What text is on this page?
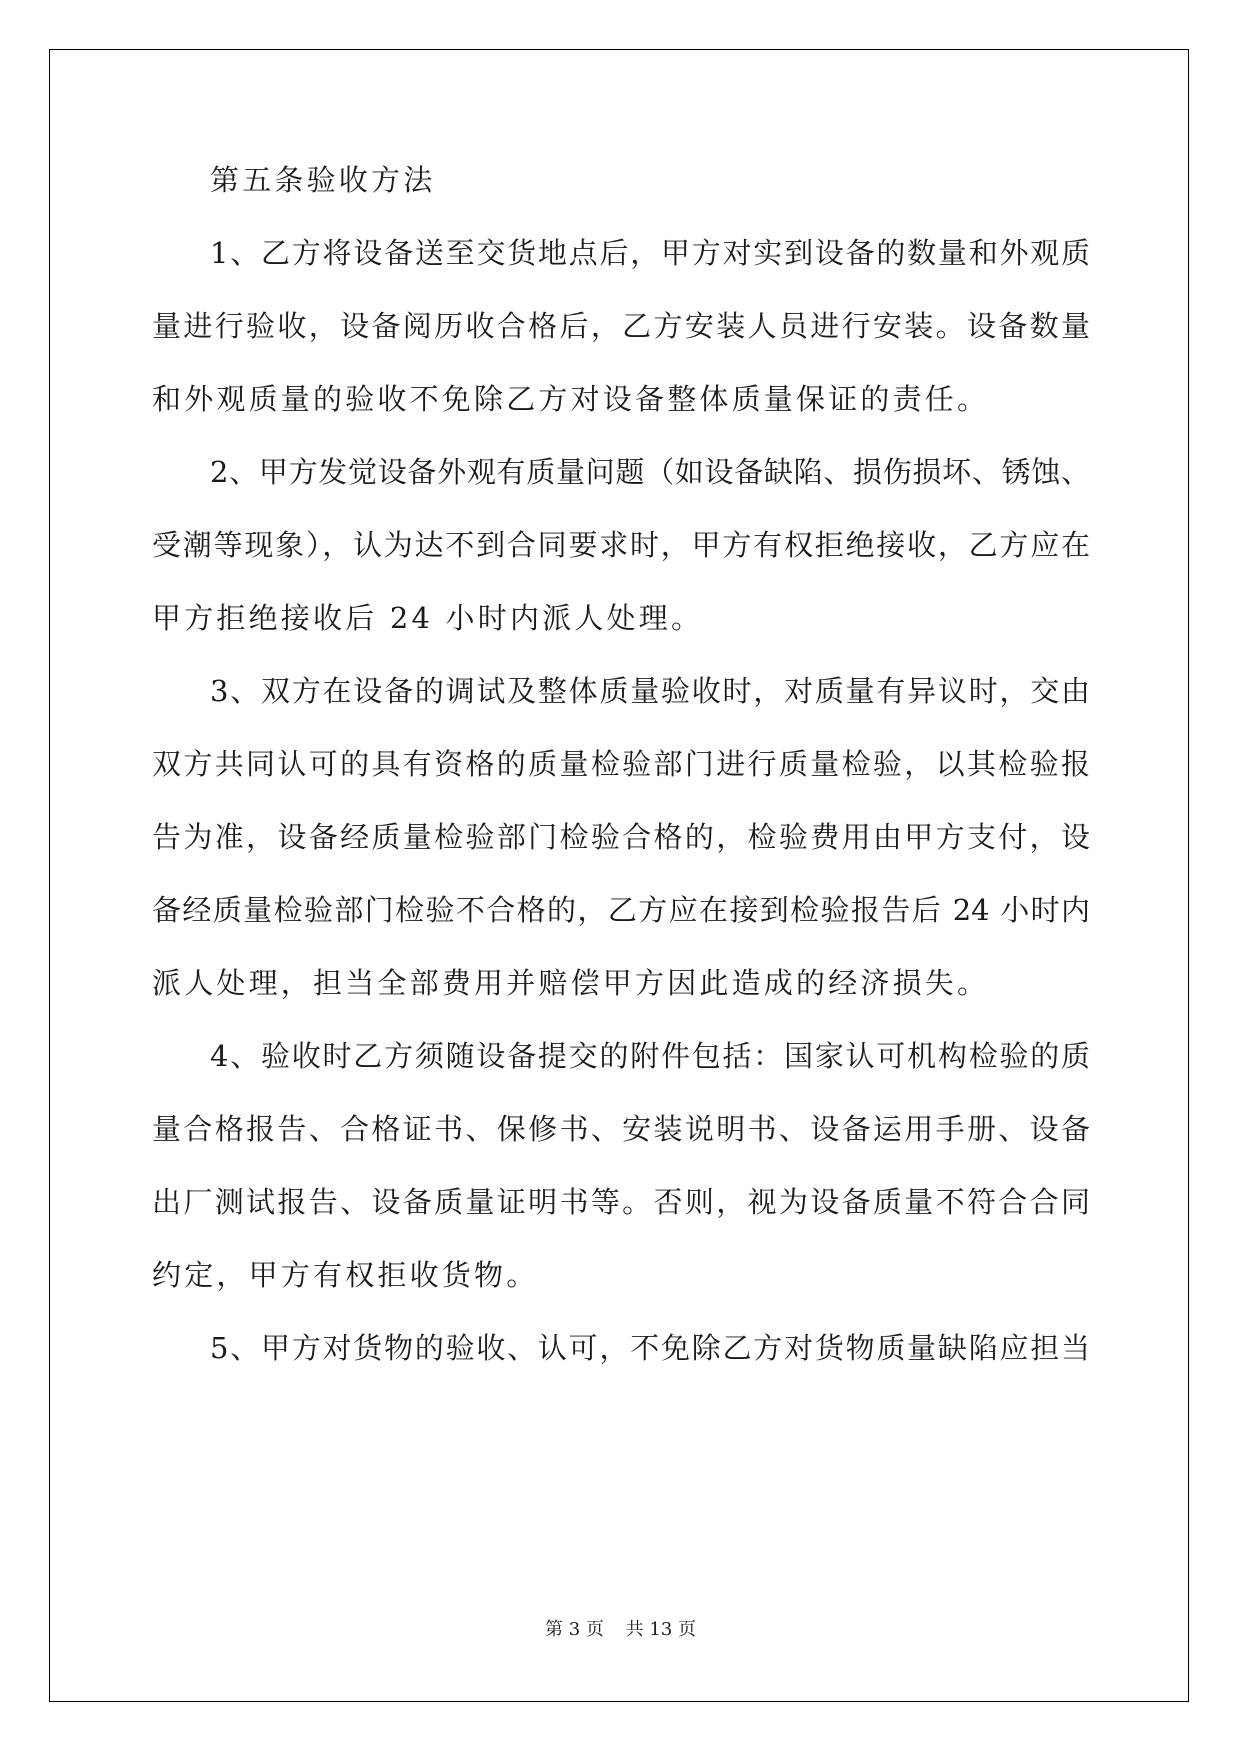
第五条验收方法
1、乙方将设备送至交货地点后，甲方对实到设备的数量和外观质
量进行验收，设备阅历收合格后，乙方安装人员进行安装。设备数量
和外观质量的验收不免除乙方对设备整体质量保证的责任。
2、甲方发觉设备外观有质量问题（如设备缺陷、损伤损坏、锈蚀、
受潮等现象），认为达不到合同要求时，甲方有权拒绝接收，乙方应在
甲方拒绝接收后 24 小时内派人处理。
3、双方在设备的调试及整体质量验收时，对质量有异议时，交由
双方共同认可的具有资格的质量检验部门进行质量检验，以其检验报
告为准，设备经质量检验部门检验合格的，检验费用由甲方支付，设
备经质量检验部门检验不合格的，乙方应在接到检验报告后 24 小时内
派人处理，担当全部费用并赔偿甲方因此造成的经济损失。
4、验收时乙方须随设备提交的附件包括：国家认可机构检验的质
量合格报告、合格证书、保修书、安装说明书、设备运用手册、设备
出厂测试报告、设备质量证明书等。否则，视为设备质量不符合合同
约定，甲方有权拒收货物。
5、甲方对货物的验收、认可，不免除乙方对货物质量缺陷应担当
第 3 页 共 13 页
